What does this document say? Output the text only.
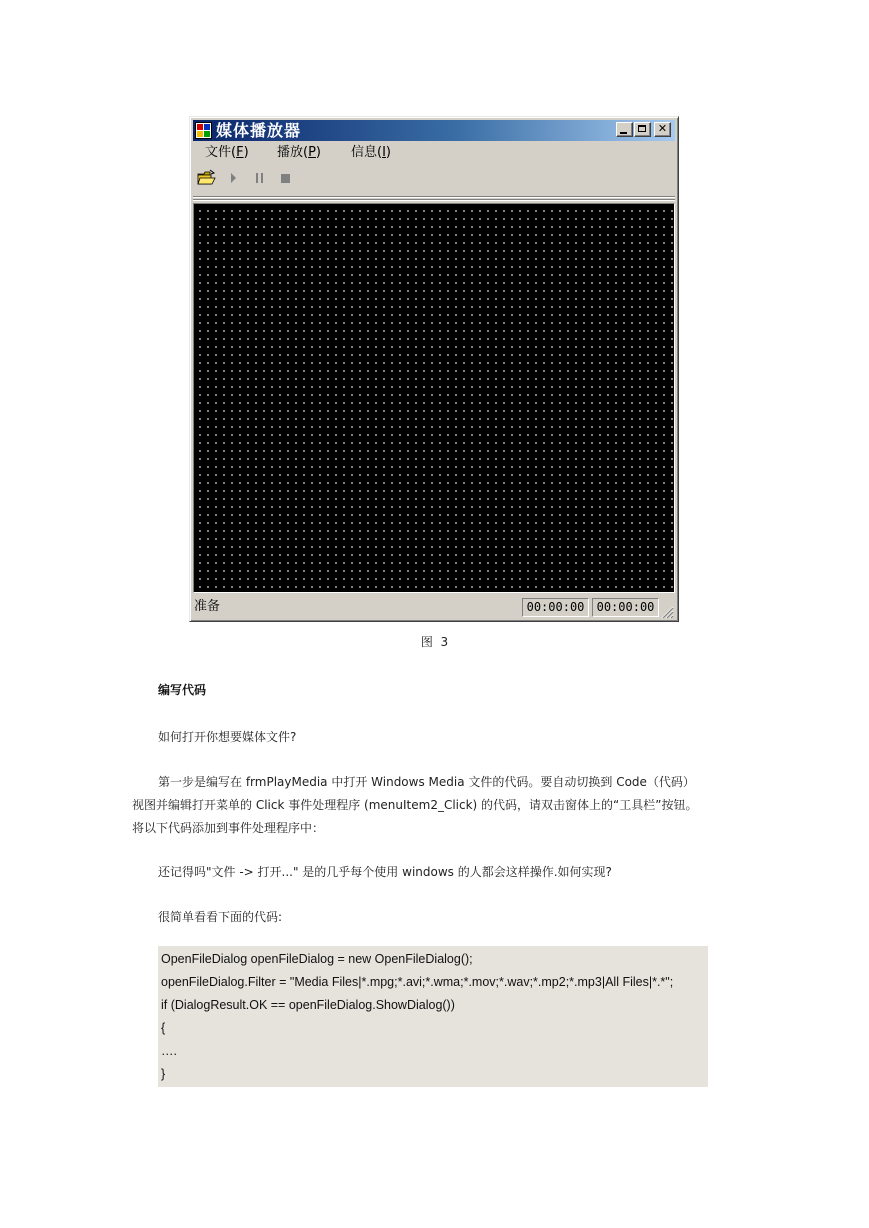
媒体播放器	✕
文件(F) 播放(P) 信息(I)
准备	00:00:00	00:00:00
图  3
编写代码
如何打开你想要媒体文件?
第一步是编写在 frmPlayMedia 中打开 Windows Media 文件的代码。要自动切换到 Code（代码）
视图并编辑打开菜单的 Click 事件处理程序 (menuItem2_Click) 的代码，请双击窗体上的“工具栏”按钮。
将以下代码添加到事件处理程序中：
还记得吗"文件 -> 打开..." 是的几乎每个使用 windows 的人都会这样操作.如何实现?
很简单看看下面的代码:
OpenFileDialog openFileDialog = new OpenFileDialog();
openFileDialog.Filter = "Media Files|*.mpg;*.avi;*.wma;*.mov;*.wav;*.mp2;*.mp3|All Files|*.*";
if (DialogResult.OK == openFileDialog.ShowDialog())
{
….
}
